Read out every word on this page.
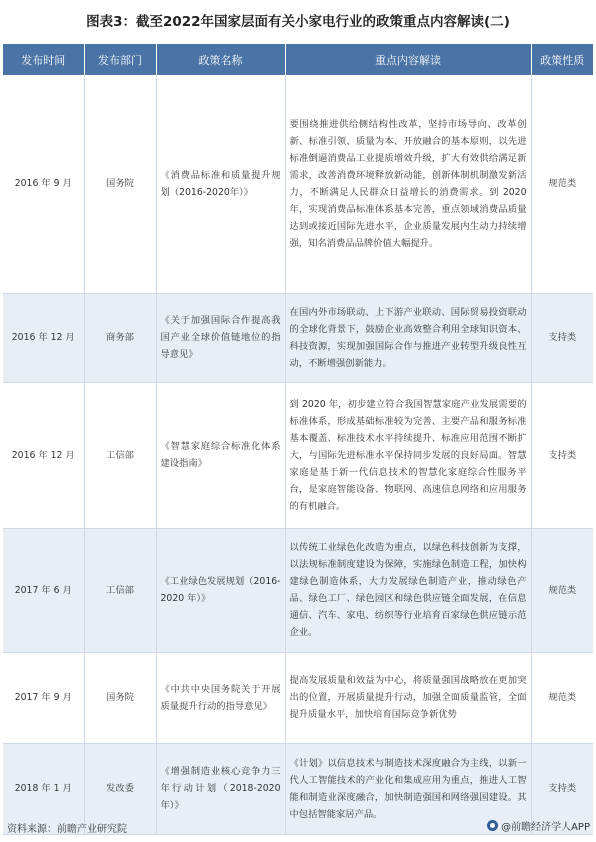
图表3：截至2022年国家层面有关小家电行业的政策重点内容解读(二)
发布时间	发布部门	政策名称	重点内容解读	政策性质
2016 年 9 月	国务院	《消费品标准和质量提升规划（2016-2020年）》	要围绕推进供给侧结构性改革，坚持市场导向、改革创新、标准引领、质量为本、开放融合的基本原则，以先进标准倒逼消费品工业提质增效升级，扩大有效供给满足新需求，改善消费环境释放新动能，创新体制机制激发新活力，不断满足人民群众日益增长的消费需求。到 2020 年，实现消费品标准体系基本完善，重点领域消费品质量达到或接近国际先进水平，企业质量发展内生动力持续增强，知名消费品品牌价值大幅提升。	规范类
2016 年 12 月	商务部	《关于加强国际合作提高我国产业全球价值链地位的指导意见》	在国内外市场联动、上下游产业联动、国际贸易投资联动的全球化背景下，鼓励企业高效整合利用全球知识资本、科技资源，实现加强国际合作与推进产业转型升级良性互动，不断增强创新能力。	支持类
2016 年 12 月	工信部	《智慧家庭综合标准化体系建设指南》	到 2020 年，初步建立符合我国智慧家庭产业发展需要的标准体系，形成基础标准较为完善、主要产品和服务标准基本覆盖、标准技术水平持续提升、标准应用范围不断扩大，与国际先进标准水平保持同步发展的良好局面。智慧家庭是基于新一代信息技术的智慧化家庭综合性服务平台，是家庭智能设备、物联网、高速信息网络和应用服务的有机融合。	支持类
2017 年 6 月	工信部	《工业绿色发展规划（2016-2020 年）》	以传统工业绿色化改造为重点，以绿色科技创新为支撑，以法规标准制度建设为保障，实施绿色制造工程，加快构建绿色制造体系，大力发展绿色制造产业，推动绿色产品、绿色工厂、绿色园区和绿色供应链全面发展，在信息通信、汽车、家电、纺织等行业培育百家绿色供应链示范企业。	规范类
2017 年 9 月	国务院	《中共中央国务院关于开展质量提升行动的指导意见》	提高发展质量和效益为中心，将质量强国战略放在更加突出的位置，开展质量提升行动，加强全面质量监管，全面提升质量水平，加快培育国际竞争新优势	规范类
2018 年 1 月	发改委	《增强制造业核心竞争力三年行动计划（2018-2020 年）》	《计划》以信息技术与制造技术深度融合为主线，以新一代人工智能技术的产业化和集成应用为重点，推进人工智能和制造业深度融合，加快制造强国和网络强国建设。其中包括智能家居产品。	支持类
资料来源：前瞻产业研究院	@前瞻经济学人APP
